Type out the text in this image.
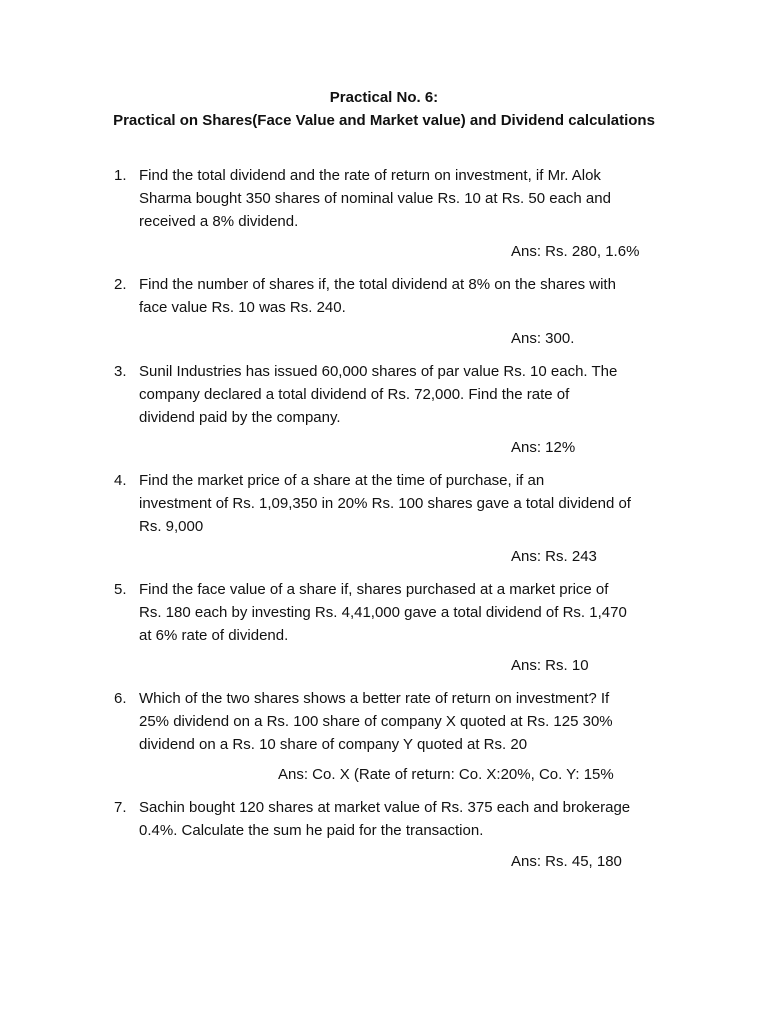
Practical No. 6:
Practical on Shares(Face Value and Market value) and Dividend calculations
1. Find the total dividend and the rate of return on investment, if Mr. Alok
Sharma bought 350 shares of nominal value Rs. 10 at Rs. 50 each and
received a 8% dividend.
Ans: Rs. 280, 1.6%
2. Find the number of shares if, the total dividend at 8% on the shares with
face value Rs. 10 was Rs. 240.
Ans: 300.
3. Sunil Industries has issued 60,000 shares of par value Rs. 10 each. The
company declared a total dividend of Rs. 72,000. Find the rate of
dividend paid by the company.
Ans: 12%
4. Find the market price of a share at the time of purchase, if an
investment of Rs. 1,09,350 in 20% Rs. 100 shares gave a total dividend of
Rs. 9,000
Ans: Rs. 243
5. Find the face value of a share if, shares purchased at a market price of
Rs. 180 each by investing Rs. 4,41,000 gave a total dividend of Rs. 1,470
at 6% rate of dividend.
Ans: Rs. 10
6. Which of the two shares shows a better rate of return on investment? If
25% dividend on a Rs. 100 share of company X quoted at Rs. 125 30%
dividend on a Rs. 10 share of company Y quoted at Rs. 20
Ans: Co. X (Rate of return: Co. X:20%, Co. Y: 15%
7. Sachin bought 120 shares at market value of Rs. 375 each and brokerage
0.4%. Calculate the sum he paid for the transaction.
Ans: Rs. 45, 180
